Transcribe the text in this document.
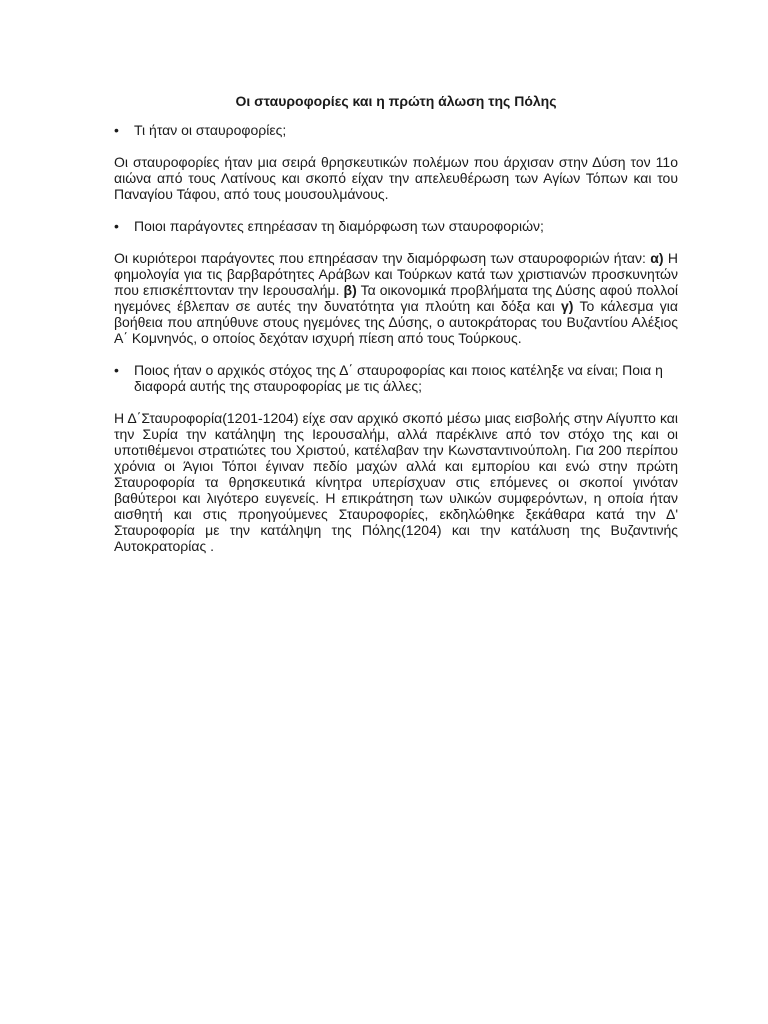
Οι σταυροφορίες και η πρώτη άλωση της Πόλης
• Τι ήταν οι σταυροφορίες;
Οι σταυροφορίες ήταν μια σειρά θρησκευτικών πολέμων που άρχισαν στην Δύση τον 11ο αιώνα από τους Λατίνους και σκοπό είχαν την απελευθέρωση των Αγίων Τόπων και του Παναγίου Τάφου, από τους μουσουλμάνους.
• Ποιοι παράγοντες επηρέασαν τη διαμόρφωση των σταυροφοριών;
Οι κυριότεροι παράγοντες που επηρέασαν την διαμόρφωση των σταυροφοριών ήταν: α) Η φημολογία για τις βαρβαρότητες Αράβων και Τούρκων κατά των χριστιανών προσκυνητών που επισκέπτονταν την Ιερουσαλήμ. β) Τα οικονομικά προβλήματα της Δύσης αφού πολλοί ηγεμόνες έβλεπαν σε αυτές την δυνατότητα για πλούτη και δόξα και γ) Το κάλεσμα για βοήθεια που απηύθυνε στους ηγεμόνες της Δύσης, ο αυτοκράτορας του Βυζαντίου Αλέξιος Α΄ Κομνηνός, ο οποίος δεχόταν ισχυρή πίεση από τους Τούρκους.
• Ποιος ήταν ο αρχικός στόχος της Δ΄ σταυροφορίας και ποιος κατέληξε να είναι; Ποια η διαφορά αυτής της σταυροφορίας με τις άλλες;
Η Δ΄Σταυροφορία(1201-1204) είχε σαν αρχικό σκοπό μέσω μιας εισβολής στην Αίγυπτο και την Συρία την κατάληψη της Ιερουσαλήμ, αλλά παρέκλινε από τον στόχο της και οι υποτιθέμενοι στρατιώτες του Χριστού, κατέλαβαν την Κωνσταντινούπολη. Για 200 περίπου χρόνια οι Άγιοι Τόποι έγιναν πεδίο μαχών αλλά και εμπορίου και ενώ στην πρώτη Σταυροφορία τα θρησκευτικά κίνητρα υπερίσχυαν στις επόμενες οι σκοποί γινόταν βαθύτεροι και λιγότερο ευγενείς. Η επικράτηση των υλικών συμφερόντων, η οποία ήταν αισθητή και στις προηγούμενες Σταυροφορίες, εκδηλώθηκε ξεκάθαρα κατά την Δ' Σταυροφορία με την κατάληψη της Πόλης(1204) και την κατάλυση της Βυζαντινής Αυτοκρατορίας .
